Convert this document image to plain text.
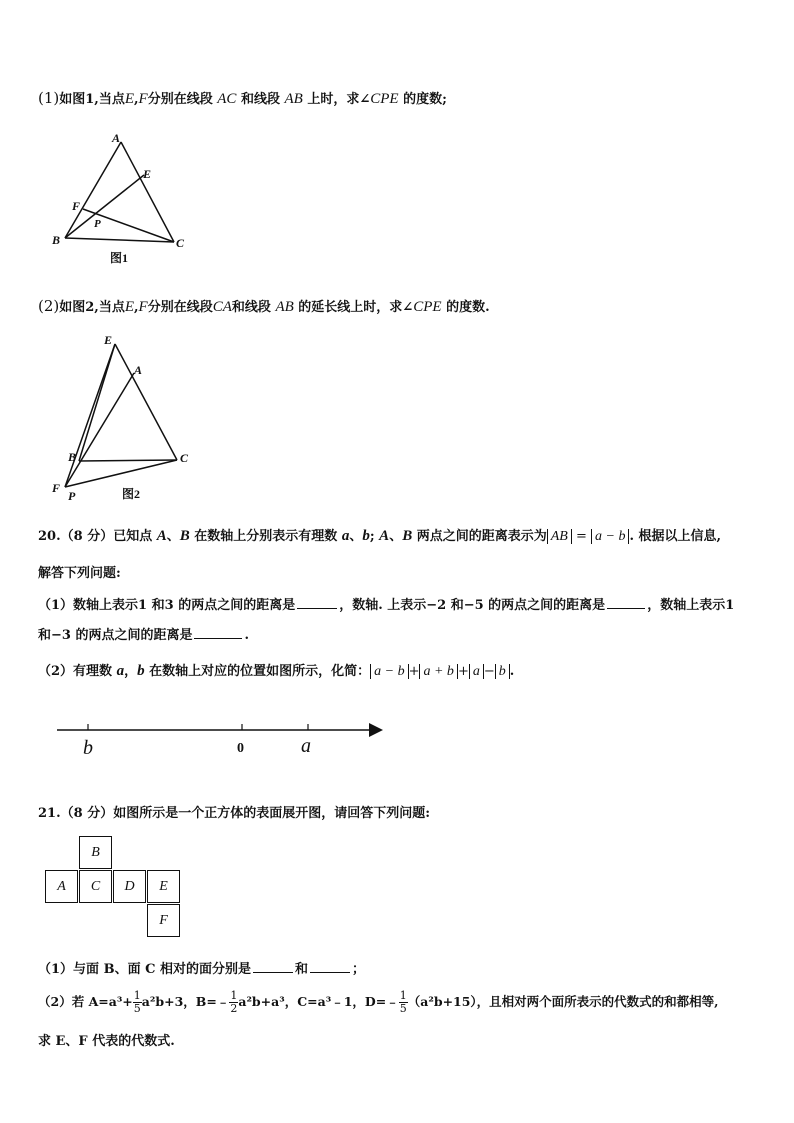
(1)如图1,当点E,F分别在线段 AC 和线段 AB 上时，求∠CPE 的度数;
A
E
F
P
B	C
图1
(2)如图2,当点E,F分别在线段CA和线段 AB 的延长线上时，求∠CPE 的度数.
E
A
B	C
F
P	图2
20.（8 分）已知点 A、B 在数轴上分别表示有理数 a、b; A、B 两点之间的距离表示为 AB = a − b . 根据以上信息,
解答下列问题:
（1）数轴上表示1 和3 的两点之间的距离是	，数轴. 上表示−2 和−5 的两点之间的距离是	，数轴上表示1
和−3 的两点之间的距离是	.
（2）有理数 a，b 在数轴上对应的位置如图所示，化简： a − b + a + b + a − b .
b	0	a
21.（8 分）如图所示是一个正方体的表面展开图，请回答下列问题:
B
A	C	D	E
F
（1）与面 B、面 C 相对的面分别是	和	；
（2）若 $A=a^3+ \frac{1}{5} a^2b+3$，B=﹣ $\frac{1}{2} a^2b+a^3$，C=a³﹣1，D=﹣ $\frac{1}{5} (a^2b+15)$，且相对两个面所表示的代数式的和都相等,
求 E、F 代表的代数式.
